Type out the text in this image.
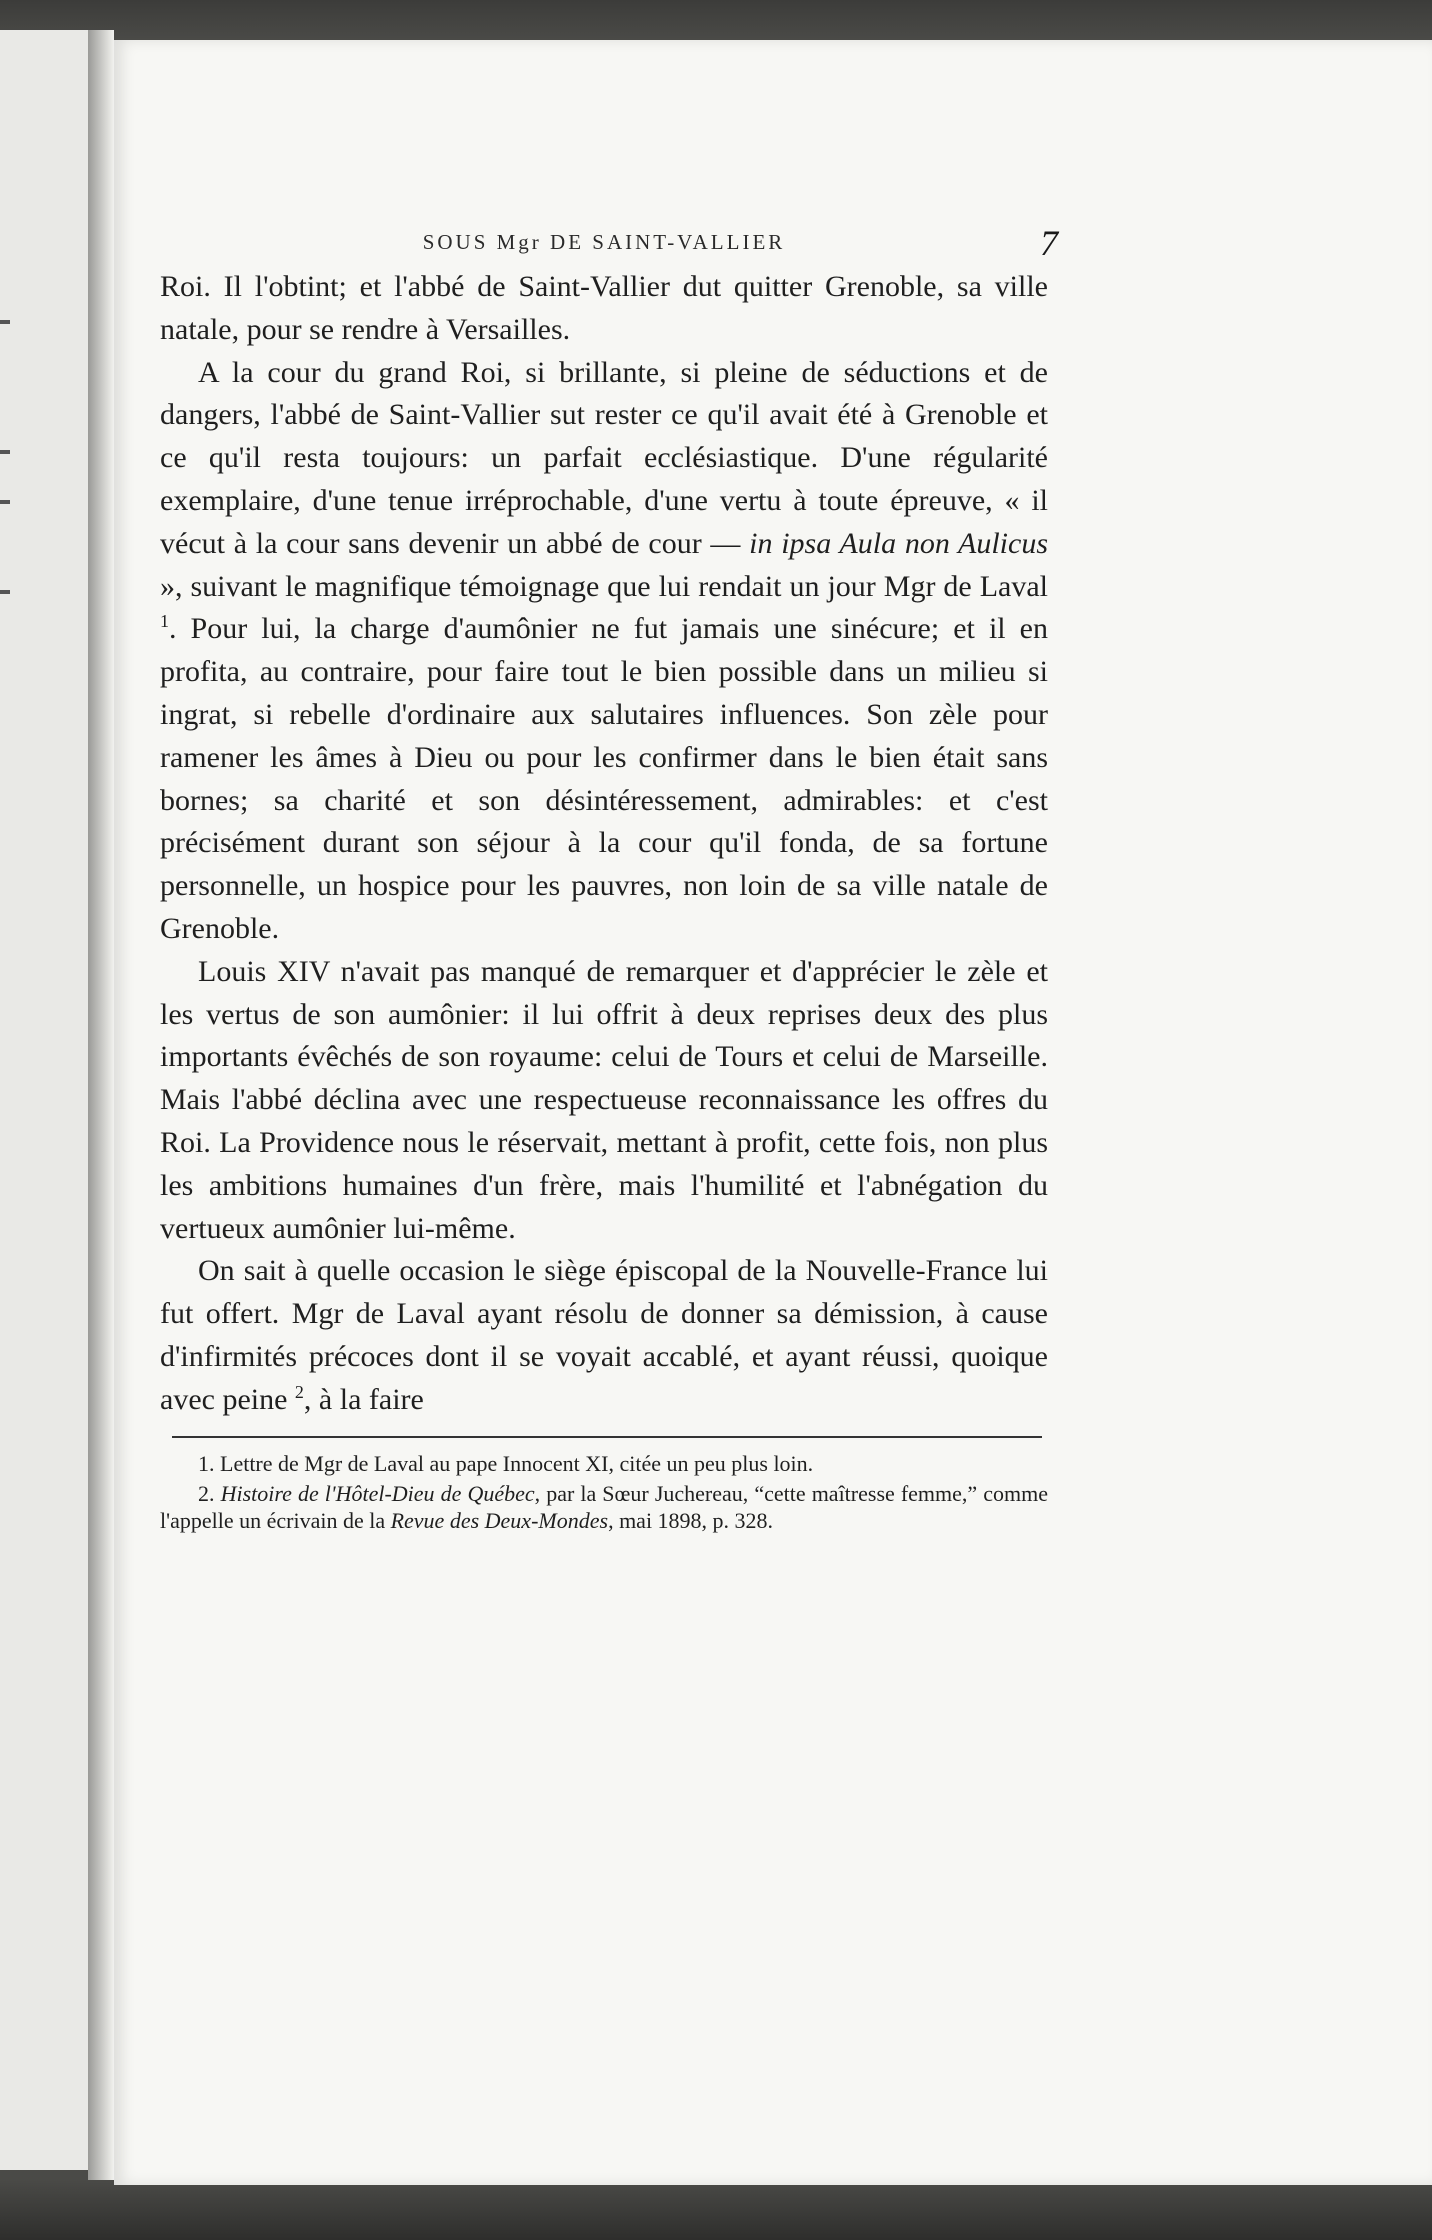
SOUS Mgr DE SAINT-VALLIER	7

Roi. Il l'obtint; et l'abbé de Saint-Vallier dut quitter Grenoble, sa ville natale, pour se rendre à Versailles.

A la cour du grand Roi, si brillante, si pleine de séductions et de dangers, l'abbé de Saint-Vallier sut rester ce qu'il avait été à Grenoble et ce qu'il resta toujours: un parfait ecclésiastique. D'une régularité exemplaire, d'une tenue irréprochable, d'une vertu à toute épreuve, « il vécut à la cour sans devenir un abbé de cour — in ipsa Aula non Aulicus », suivant le magnifique témoignage que lui rendait un jour Mgr de Laval $^1$. Pour lui, la charge d'aumônier ne fut jamais une sinécure; et il en profita, au contraire, pour faire tout le bien possible dans un milieu si ingrat, si rebelle d'ordinaire aux salutaires influences. Son zèle pour ramener les âmes à Dieu ou pour les confirmer dans le bien était sans bornes; sa charité et son désintéressement, admirables: et c'est précisément durant son séjour à la cour qu'il fonda, de sa fortune personnelle, un hospice pour les pauvres, non loin de sa ville natale de Grenoble.

Louis XIV n'avait pas manqué de remarquer et d'apprécier le zèle et les vertus de son aumônier: il lui offrit à deux reprises deux des plus importants évêchés de son royaume: celui de Tours et celui de Marseille. Mais l'abbé déclina avec une respectueuse reconnaissance les offres du Roi. La Providence nous le réservait, mettant à profit, cette fois, non plus les ambitions humaines d'un frère, mais l'humilité et l'abnégation du vertueux aumônier lui-même.

On sait à quelle occasion le siège épiscopal de la Nouvelle-France lui fut offert. Mgr de Laval ayant résolu de donner sa démission, à cause d'infirmités précoces dont il se voyait accablé, et ayant réussi, quoique avec peine $^2$, à la faire

1. Lettre de Mgr de Laval au pape Innocent XI, citée un peu plus loin.

2. Histoire de l'Hôtel-Dieu de Québec, par la Sœur Juchereau, “cette maîtresse femme,” comme l'appelle un écrivain de la Revue des Deux-Mondes, mai 1898, p. 328.
